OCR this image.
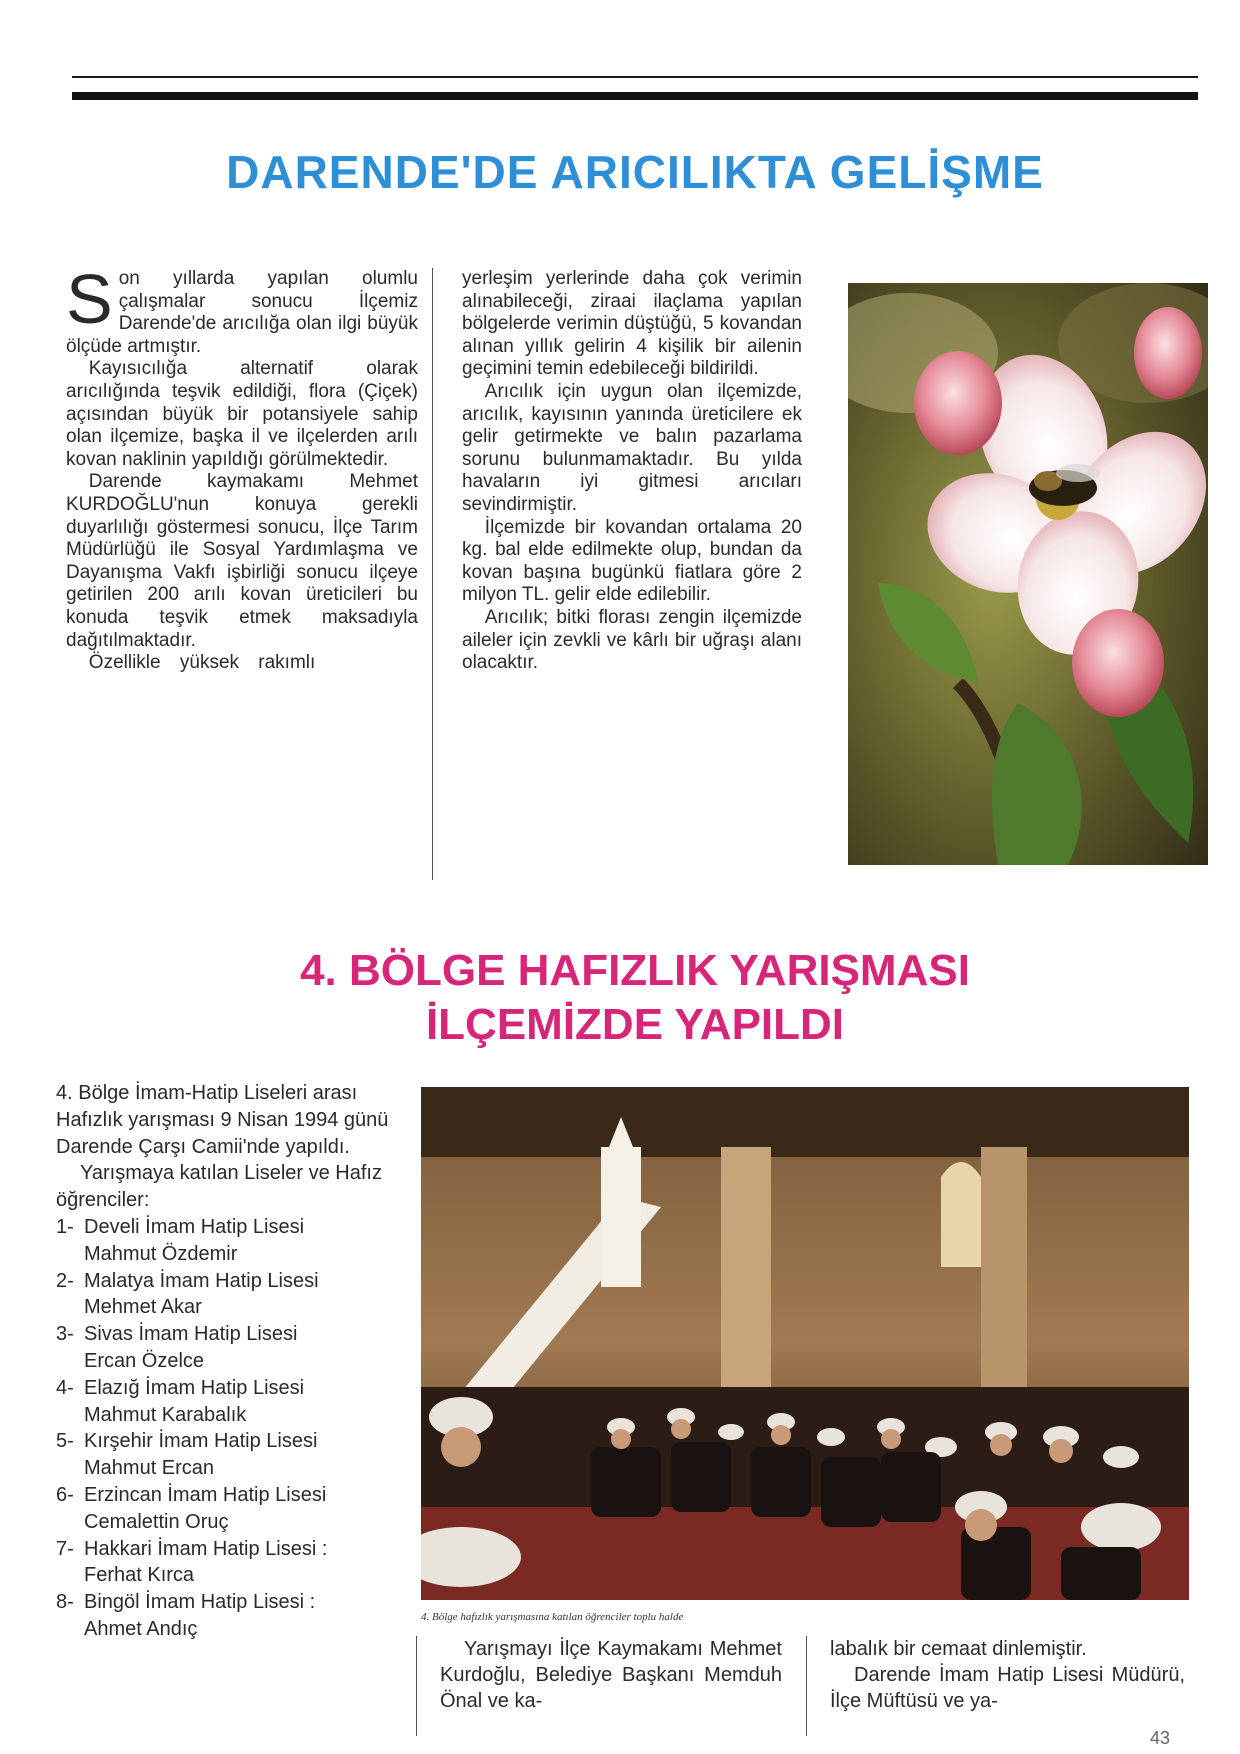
DARENDE'DE ARICILIKTA GELİŞME

Son yıllarda yapılan olumlu çalışmalar sonucu İlçemiz Darende'de arıcılığa olan ilgi büyük ölçüde artmıştır.

Kayısıcılığa alternatif olarak arıcılığında teşvik edildiği, flora (Çiçek) açısından büyük bir potansiyele sahip olan ilçemize, başka il ve ilçelerden arılı kovan naklinin yapıldığı görülmektedir.

Darende kaymakamı Mehmet KURDOĞLU'nun konuya gerekli duyarlılığı göstermesi sonucu, İlçe Tarım Müdürlüğü ile Sosyal Yardımlaşma ve Dayanışma Vakfı işbirliği sonucu ilçeye getirilen 200 arılı kovan üreticileri bu konuda teşvik etmek maksadıyla dağıtılmaktadır.

Özellikle yüksek rakımlı

yerleşim yerlerinde daha çok verimin alınabileceği, ziraai ilaçlama yapılan bölgelerde verimin düştüğü, 5 kovandan alınan yıllık gelirin 4 kişilik bir ailenin geçimini temin edebileceği bildirildi.

Arıcılık için uygun olan ilçemizde, arıcılık, kayısının yanında üreticilere ek gelir getirmekte ve balın pazarlama sorunu bulunmamaktadır. Bu yılda havaların iyi gitmesi arıcıları sevindirmiştir.

İlçemizde bir kovandan ortalama 20 kg. bal elde edilmekte olup, bundan da kovan başına bugünkü fiatlara göre 2 milyon TL. gelir elde edilebilir.

Arıcılık; bitki florası zengin ilçemizde aileler için zevkli ve kârlı bir uğraşı alanı olacaktır.

4. BÖLGE HAFIZLIK YARIŞMASI
İLÇEMİZDE YAPILDI

4. Bölge İmam-Hatip Liseleri arası Hafızlık yarışması 9 Nisan 1994 günü Darende Çarşı Camii'nde yapıldı.

Yarışmaya katılan Liseler ve Hafız öğrenciler:

1- Develi İmam Hatip Lisesi
Mahmut Özdemir
2- Malatya İmam Hatip Lisesi
Mehmet Akar
3- Sivas İmam Hatip Lisesi
Ercan Özelce
4- Elazığ İmam Hatip Lisesi
Mahmut Karabalık
5- Kırşehir İmam Hatip Lisesi
Mahmut Ercan
6- Erzincan İmam Hatip Lisesi
Cemalettin Oruç
7- Hakkari İmam Hatip Lisesi :
Ferhat Kırca
8- Bingöl İmam Hatip Lisesi :
Ahmet Andıç
4. Bölge hafızlık yarışmasına katılan öğrenciler toplu halde

Yarışmayı İlçe Kaymakamı Mehmet Kurdoğlu, Belediye Başkanı Memduh Önal ve ka-

labalık bir cemaat dinlemiştir.

Darende İmam Hatip Lisesi Müdürü, İlçe Müftüsü ve ya-

43
